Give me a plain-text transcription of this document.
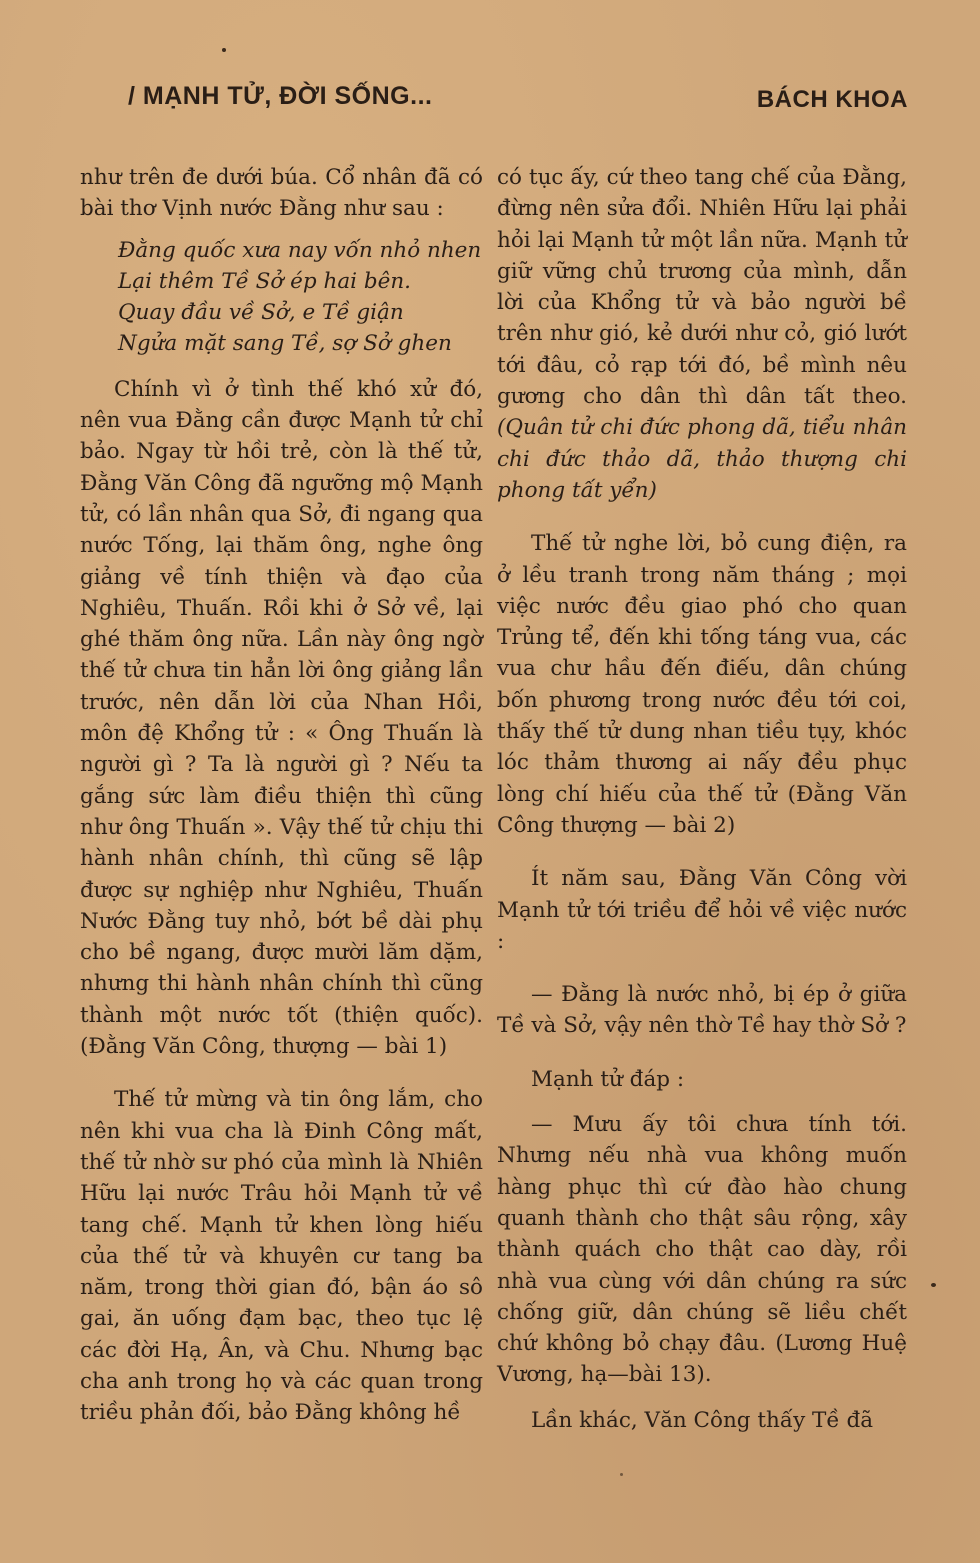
/ MẠNH TỬ, ĐỜI SỐNG...	BÁCH KHOA

như trên đe dưới búa. Cổ nhân đã có bài thơ Vịnh nước Đằng như sau :

Đằng quốc xưa nay vốn nhỏ nhen
Lại thêm Tề Sở ép hai bên.
Quay đầu về Sở, e Tề giận
Ngửa mặt sang Tề, sợ Sở ghen

Chính vì ở tình thế khó xử đó, nên vua Đằng cần được Mạnh tử chỉ bảo. Ngay từ hồi trẻ, còn là thế tử, Đằng Văn Công đã ngưỡng mộ Mạnh tử, có lần nhân qua Sở, đi ngang qua nước Tống, lại thăm ông, nghe ông giảng về tính thiện và đạo của Nghiêu, Thuấn. Rồi khi ở Sở về, lại ghé thăm ông nữa. Lần này ông ngờ thế tử chưa tin hẳn lời ông giảng lần trước, nên dẫn lời của Nhan Hồi, môn đệ Khổng tử : « Ông Thuấn là người gì ? Ta là người gì ? Nếu ta gắng sức làm điều thiện thì cũng như ông Thuấn ». Vậy thế tử chịu thi hành nhân chính, thì cũng sẽ lập được sự nghiệp như Nghiêu, Thuấn Nước Đằng tuy nhỏ, bớt bề dài phụ cho bề ngang, được mười lăm dặm, nhưng thi hành nhân chính thì cũng thành một nước tốt (thiện quốc). (Đằng Văn Công, thượng — bài 1)

Thế tử mừng và tin ông lắm, cho nên khi vua cha là Đinh Công mất, thế tử nhờ sư phó của mình là Nhiên Hữu lại nước Trâu hỏi Mạnh tử về tang chế. Mạnh tử khen lòng hiếu của thế tử và khuyên cư tang ba năm, trong thời gian đó, bận áo sô gai, ăn uống đạm bạc, theo tục lệ các đời Hạ, Ân, và Chu. Nhưng bạc cha anh trong họ và các quan trong triều phản đối, bảo Đằng không hề

có tục ấy, cứ theo tang chế của Đằng, đừng nên sửa đổi. Nhiên Hữu lại phải hỏi lại Mạnh tử một lần nữa. Mạnh tử giữ vững chủ trương của mình, dẫn lời của Khổng tử và bảo người bề trên như gió, kẻ dưới như cỏ, gió lướt tới đâu, cỏ rạp tới đó, bề mình nêu gương cho dân thì dân tất theo. (Quân tử chi đức phong dã, tiểu nhân chi đức thảo dã, thảo thượng chi phong tất yển)

Thế tử nghe lời, bỏ cung điện, ra ở lều tranh trong năm tháng ; mọi việc nước đều giao phó cho quan Trủng tể, đến khi tống táng vua, các vua chư hầu đến điếu, dân chúng bốn phương trong nước đều tới coi, thấy thế tử dung nhan tiều tụy, khóc lóc thảm thương ai nấy đều phục lòng chí hiếu của thế tử (Đằng Văn Công thượng — bài 2)

Ít năm sau, Đằng Văn Công vời Mạnh tử tới triều để hỏi về việc nước :

— Đằng là nước nhỏ, bị ép ở giữa Tề và Sở, vậy nên thờ Tề hay thờ Sở ?

Mạnh tử đáp :

— Mưu ấy tôi chưa tính tới. Nhưng nếu nhà vua không muốn hàng phục thì cứ đào hào chung quanh thành cho thật sâu rộng, xây thành quách cho thật cao dày, rồi nhà vua cùng với dân chúng ra sức chống giữ, dân chúng sẽ liều chết chứ không bỏ chạy đâu. (Lương Huệ Vương, hạ—bài 13).

Lần khác, Văn Công thấy Tề đã
